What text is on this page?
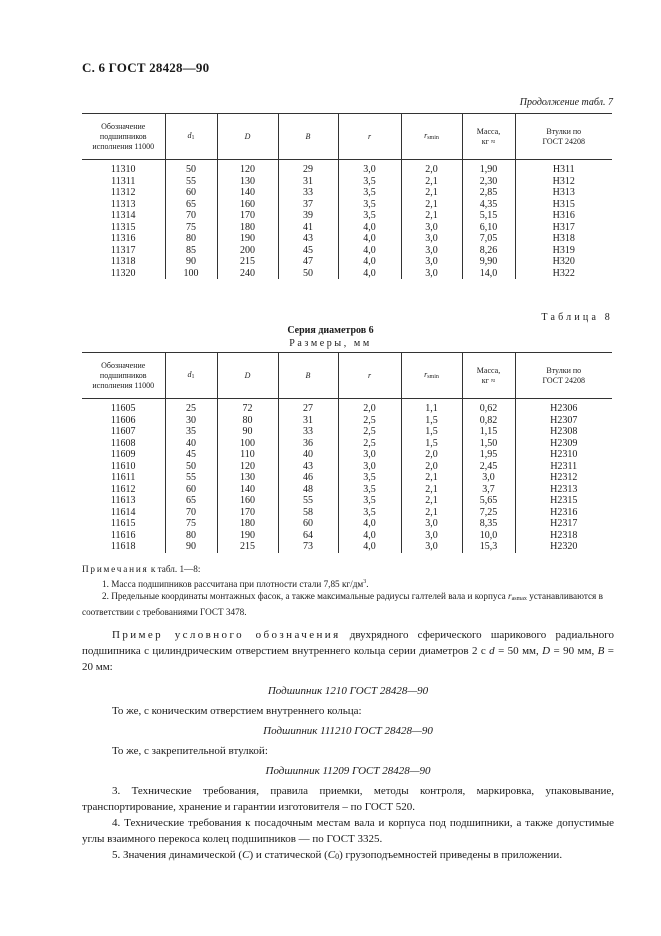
С. 6 ГОСТ 28428—90
Продолжение табл. 7
Обозначение
подшипников
исполнения 11000	d1	D	B	r	rsmin	Масса,
кг ≈	Втулки по
ГОСТ 24208
11310	50	120	29	3,0	2,0	1,90	Н311
11311	55	130	31	3,5	2,1	2,30	Н312
11312	60	140	33	3,5	2,1	2,85	Н313
11313	65	160	37	3,5	2,1	4,35	Н315
11314	70	170	39	3,5	2,1	5,15	Н316
11315	75	180	41	4,0	3,0	6,10	Н317
11316	80	190	43	4,0	3,0	7,05	Н318
11317	85	200	45	4,0	3,0	8,26	Н319
11318	90	215	47	4,0	3,0	9,90	Н320
11320	100	240	50	4,0	3,0	14,0	Н322
Таблица 8
Серия диаметров 6
Размеры, мм
Обозначение
подшипников
исполнения 11000	d1	D	B	r	rsmin	Масса,
кг ≈	Втулки по
ГОСТ 24208
11605	25	72	27	2,0	1,1	0,62	Н2306
11606	30	80	31	2,5	1,5	0,82	Н2307
11607	35	90	33	2,5	1,5	1,15	Н2308
11608	40	100	36	2,5	1,5	1,50	Н2309
11609	45	110	40	3,0	2,0	1,95	Н2310
11610	50	120	43	3,0	2,0	2,45	Н2311
11611	55	130	46	3,5	2,1	3,0	Н2312
11612	60	140	48	3,5	2,1	3,7	Н2313
11613	65	160	55	3,5	2,1	5,65	Н2315
11614	70	170	58	3,5	2,1	7,25	Н2316
11615	75	180	60	4,0	3,0	8,35	Н2317
11616	80	190	64	4,0	3,0	10,0	Н2318
11618	90	215	73	4,0	3,0	15,3	Н2320

Примечания к табл. 1—8:

1. Масса подшипников рассчитана при плотности стали 7,85 $кг/дм^3$.

2. Предельные координаты монтажных фасок, а также максимальные радиусы галтелей вала и корпуса rasmax устанавливаются в соответствии с требованиями ГОСТ 3478.

Пример условного обозначения двухрядного сферического шарикового радиального подшипника с цилиндрическим отверстием внутреннего кольца серии диаметров 2 с d = 50 мм, D = 90 мм, B = 20 мм:

Подшипник 1210 ГОСТ 28428—90

То же, с коническим отверстием внутреннего кольца:

Подшипник 111210 ГОСТ 28428—90

То же, с закрепительной втулкой:

Подшипник 11209 ГОСТ 28428—90

3. Технические требования, правила приемки, методы контроля, маркировка, упаковывание, транспортирование, хранение и гарантии изготовителя – по ГОСТ 520.

4. Технические требования к посадочным местам вала и корпуса под подшипники, а также допустимые углы взаимного перекоса колец подшипников — по ГОСТ 3325.

5. Значения динамической (C) и статической (C0) грузоподъемностей приведены в приложении.
